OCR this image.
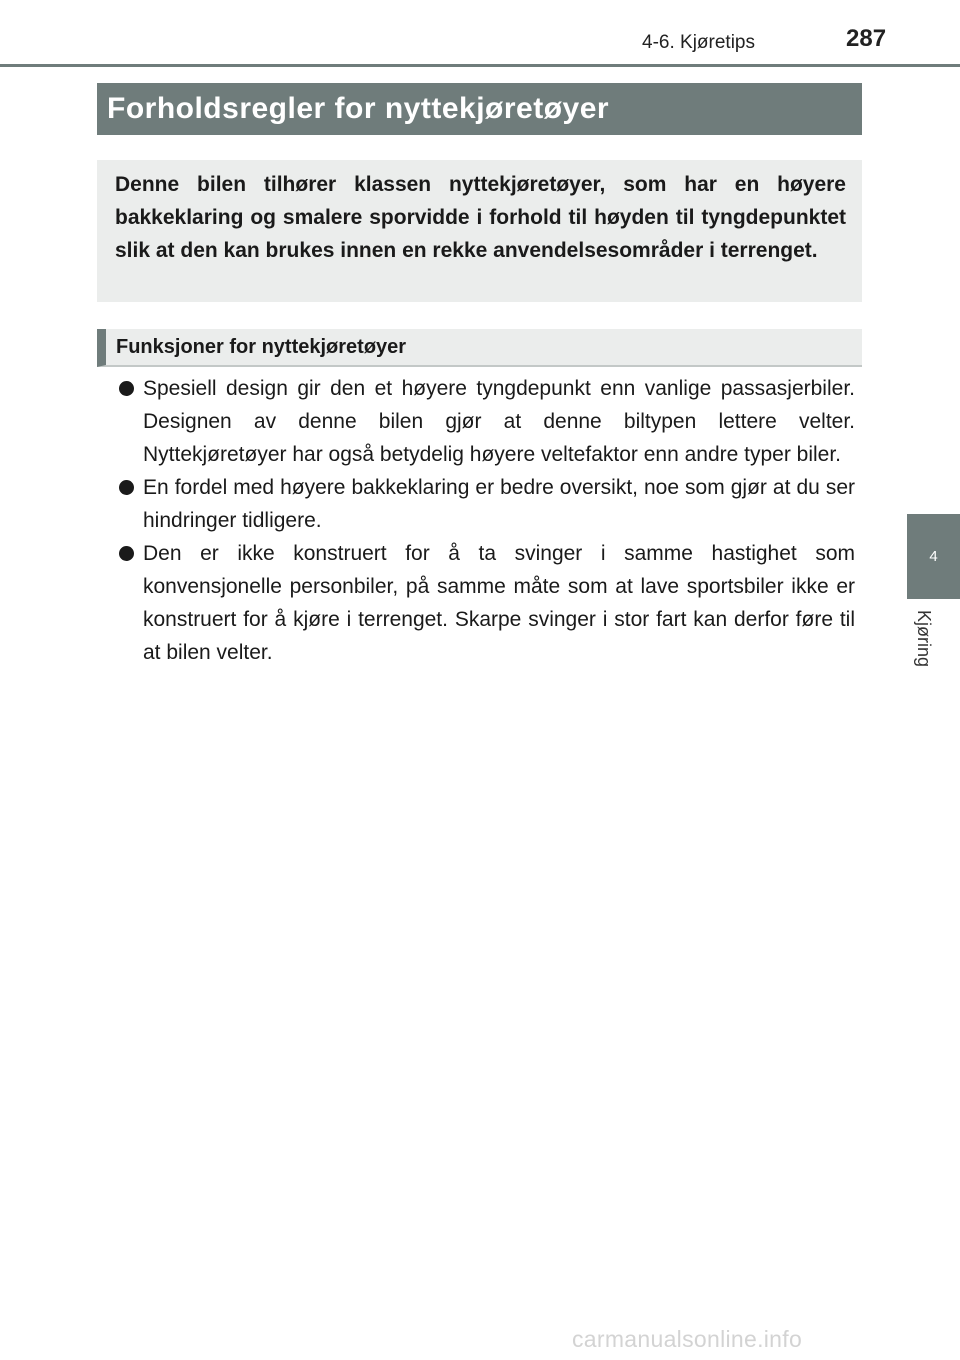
4-6. Kjøretips	287
Forholdsregler for nyttekjøretøyer

Denne bilen tilhører klassen nyttekjøretøyer, som har en høyere bakkeklaring og smalere sporvidde i forhold til høyden til tyngdepunktet slik at den kan brukes innen en rekke anvendelsesområder i terrenget.

Funksjoner for nyttekjøretøyer
Spesiell design gir den et høyere tyngdepunkt enn vanlige passasjerbiler. Designen av denne bilen gjør at denne biltypen lettere velter. Nyttekjøretøyer har også betydelig høyere veltefaktor enn andre typer biler.
En fordel med høyere bakkeklaring er bedre oversikt, noe som gjør at du ser hindringer tidligere.
Den er ikke konstruert for å ta svinger i samme hastighet som konvensjonelle personbiler, på samme måte som at lave sportsbiler ikke er konstruert for å kjøre i terrenget. Skarpe svinger i stor fart kan derfor føre til at bilen velter.
4
Kjøring
carmanualsonline.info
